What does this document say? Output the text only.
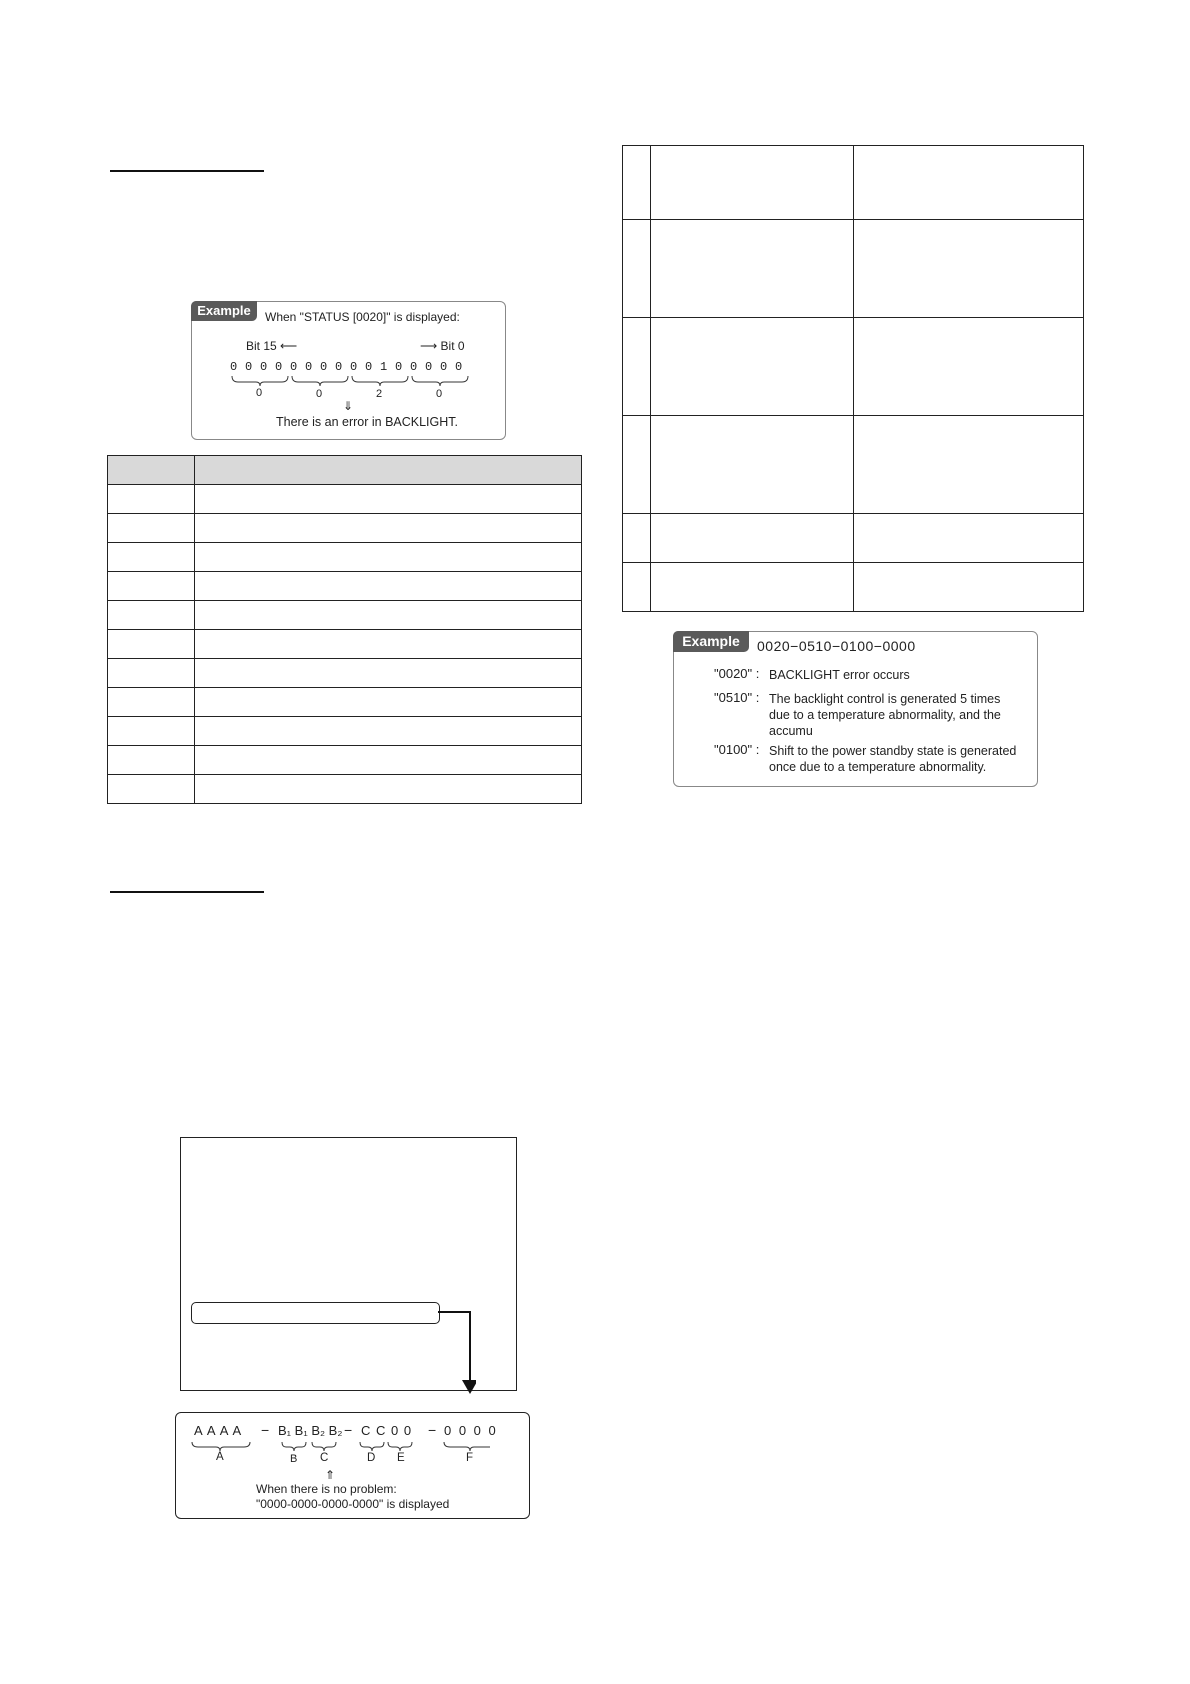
Example	When "STATUS [0020]" is displayed:
Bit 15 ⟵	⟶ Bit 0
0 0 0 0 0 0 0 0 0 0 1 0 0 0 0 0
0	0	2	0
⇓
There is an error in BACKLIGHT.

Example	0020−0510−0100−0000
"0020" : BACKLIGHT error occurs
"0510" : The backlight control is generated 5 times
due to a temperature abnormality, and the
accumu
"0100" : Shift to the power standby state is generated
once due to a temperature abnormality.
A A A A − B₁ B₁ B₂ B₂ − C C 0 0 − 0 0 0 0
A	B C	D E	F
⇑
When there is no problem:
"0000-0000-0000-0000" is displayed
